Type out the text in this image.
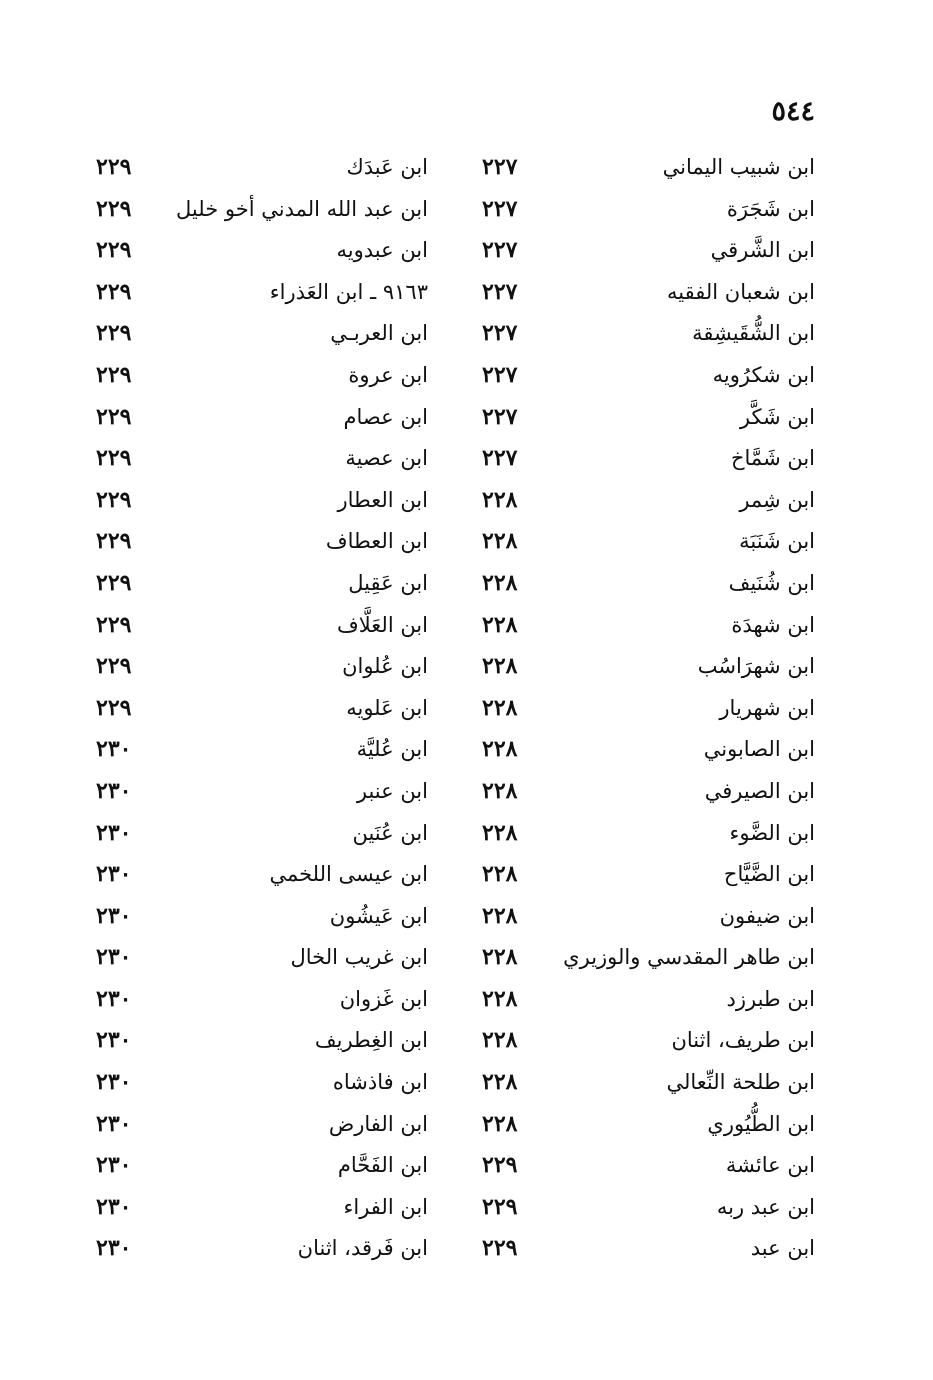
٥٤٤
ابن شبيب اليماني
٢٢٧
ابن عَبدَك
٢٢٩
ابن شَجَرَة
٢٢٧
ابن عبد الله المدني أخو خليل
٢٢٩
ابن الشَّرقي
٢٢٧
ابن عبدويه
٢٢٩
ابن شعبان الفقيه
٢٢٧
٩١٦٣ ـ ابن العَذراء
٢٢٩
ابن الشُّقَيشِقة
٢٢٧
ابن العربـي
٢٢٩
ابن شكرُويه
٢٢٧
ابن عروة
٢٢٩
ابن شَكَّر
٢٢٧
ابن عصام
٢٢٩
ابن شَمَّاخ
٢٢٧
ابن عصية
٢٢٩
ابن شِمر
٢٢٨
ابن العطار
٢٢٩
ابن شَنَبَة
٢٢٨
ابن العطاف
٢٢٩
ابن شُنَيف
٢٢٨
ابن عَقِيل
٢٢٩
ابن شهدَة
٢٢٨
ابن العَلَّاف
٢٢٩
ابن شهرَاسُب
٢٢٨
ابن عُلوان
٢٢٩
ابن شهريار
٢٢٨
ابن عَلويه
٢٢٩
ابن الصابوني
٢٢٨
ابن عُليَّة
٢٣٠
ابن الصيرفي
٢٢٨
ابن عنبر
٢٣٠
ابن الضَّوء
٢٢٨
ابن عُنَين
٢٣٠
ابن الضَّيَّاح
٢٢٨
ابن عيسى اللخمي
٢٣٠
ابن ضيفون
٢٢٨
ابن عَيشُون
٢٣٠
ابن طاهر المقدسي والوزيري
٢٢٨
ابن غريب الخال
٢٣٠
ابن طبرزد
٢٢٨
ابن غَزوان
٢٣٠
ابن طريف، اثنان
٢٢٨
ابن الغِطريف
٢٣٠
ابن طلحة النِّعالي
٢٢٨
ابن فاذشاه
٢٣٠
ابن الطُّيُوري
٢٢٨
ابن الفارض
٢٣٠
ابن عائشة
٢٢٩
ابن الفَحَّام
٢٣٠
ابن عبد ربه
٢٢٩
ابن الفراء
٢٣٠
ابن عبد
٢٢٩
ابن فَرقد، اثنان
٢٣٠
